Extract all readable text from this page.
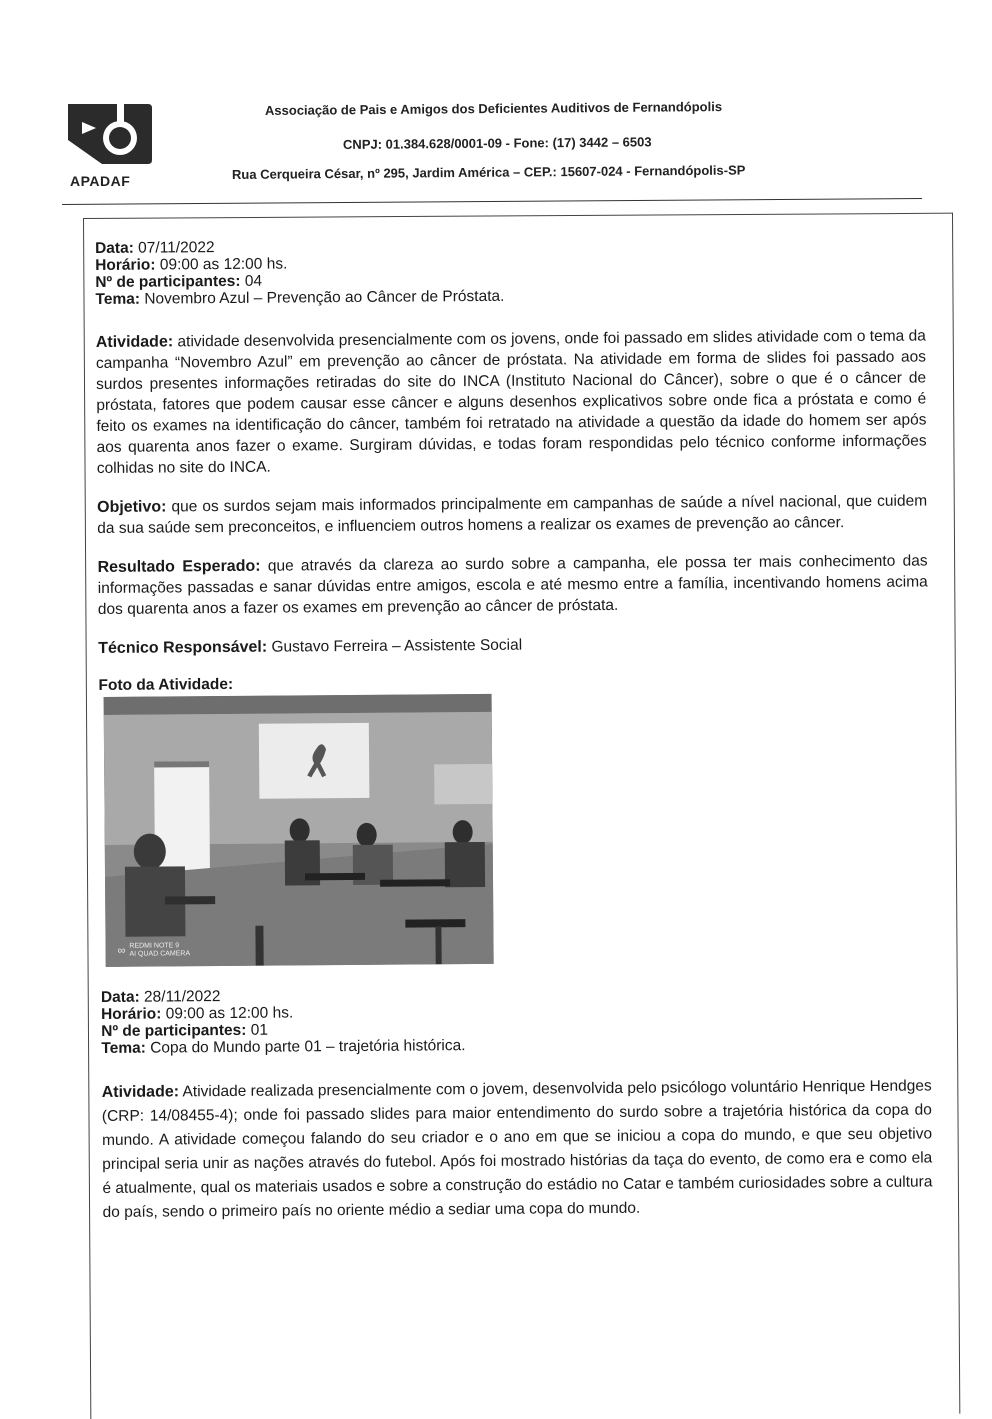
APADAF
Associação de Pais e Amigos dos Deficientes Auditivos de Fernandópolis
CNPJ: 01.384.628/0001-09 - Fone: (17) 3442 – 6503
Rua Cerqueira César, nº 295, Jardim América – CEP.: 15607-024 - Fernandópolis-SP

Data: 07/11/2022

Horário: 09:00 as 12:00 hs.

Nº de participantes: 04

Tema: Novembro Azul – Prevenção ao Câncer de Próstata.

Atividade: atividade desenvolvida presencialmente com os jovens, onde foi passado em slides atividade com o tema da campanha “Novembro Azul” em prevenção ao câncer de próstata. Na atividade em forma de slides foi passado aos surdos presentes informações retiradas do site do INCA (Instituto Nacional do Câncer), sobre o que é o câncer de próstata, fatores que podem causar esse câncer e alguns desenhos explicativos sobre onde fica a próstata e como é feito os exames na identificação do câncer, também foi retratado na atividade a questão da idade do homem ser após aos quarenta anos fazer o exame. Surgiram dúvidas, e todas foram respondidas pelo técnico conforme informações colhidas no site do INCA.

Objetivo: que os surdos sejam mais informados principalmente em campanhas de saúde a nível nacional, que cuidem da sua saúde sem preconceitos, e influenciem outros homens a realizar os exames de prevenção ao câncer.

Resultado Esperado: que através da clareza ao surdo sobre a campanha, ele possa ter mais conhecimento das informações passadas e sanar dúvidas entre amigos, escola e até mesmo entre a família, incentivando homens acima dos quarenta anos a fazer os exames em prevenção ao câncer de próstata.

Técnico Responsável: Gustavo Ferreira – Assistente Social

Foto da Atividade:

∞ REDMI NOTE 9
AI QUAD CAMERA

Data: 28/11/2022

Horário: 09:00 as 12:00 hs.

Nº de participantes: 01

Tema: Copa do Mundo parte 01 – trajetória histórica.

Atividade: Atividade realizada presencialmente com o jovem, desenvolvida pelo psicólogo voluntário Henrique Hendges (CRP: 14/08455-4); onde foi passado slides para maior entendimento do surdo sobre a trajetória histórica da copa do mundo. A atividade começou falando do seu criador e o ano em que se iniciou a copa do mundo, e que seu objetivo principal seria unir as nações através do futebol. Após foi mostrado histórias da taça do evento, de como era e como ela é atualmente, qual os materiais usados e sobre a construção do estádio no Catar e também curiosidades sobre a cultura do país, sendo o primeiro país no oriente médio a sediar uma copa do mundo.
